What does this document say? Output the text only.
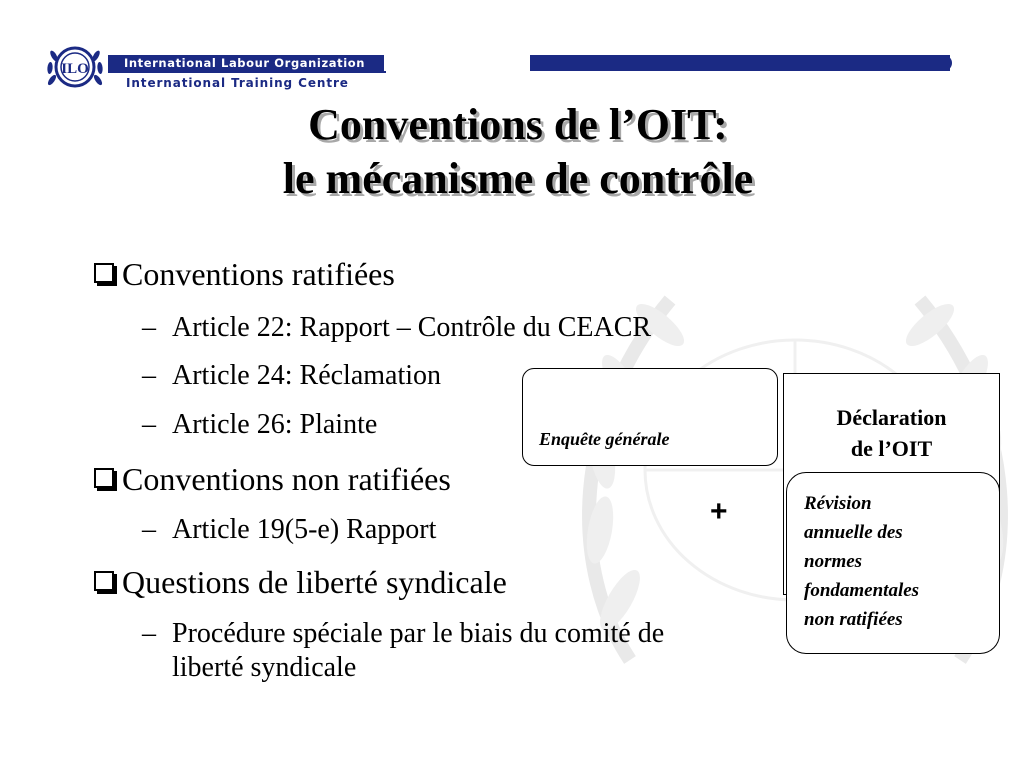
ILO	International Labour Organization
International Training Centre
Conventions de l’OIT:
le mécanisme de contrôle
Conventions ratifiées
– Article 22: Rapport – Contrôle du CEACR
– Article 24: Réclamation
– Article 26: Plainte
Conventions non ratifiées
– Article 19(5-e) Rapport
Questions de liberté syndicale
– Procédure spéciale par le biais du comité de
liberté syndicale
Enquête générale
Déclaration
de l’OIT
+	Révision
annuelle des
normes
fondamentales
non ratifiées
